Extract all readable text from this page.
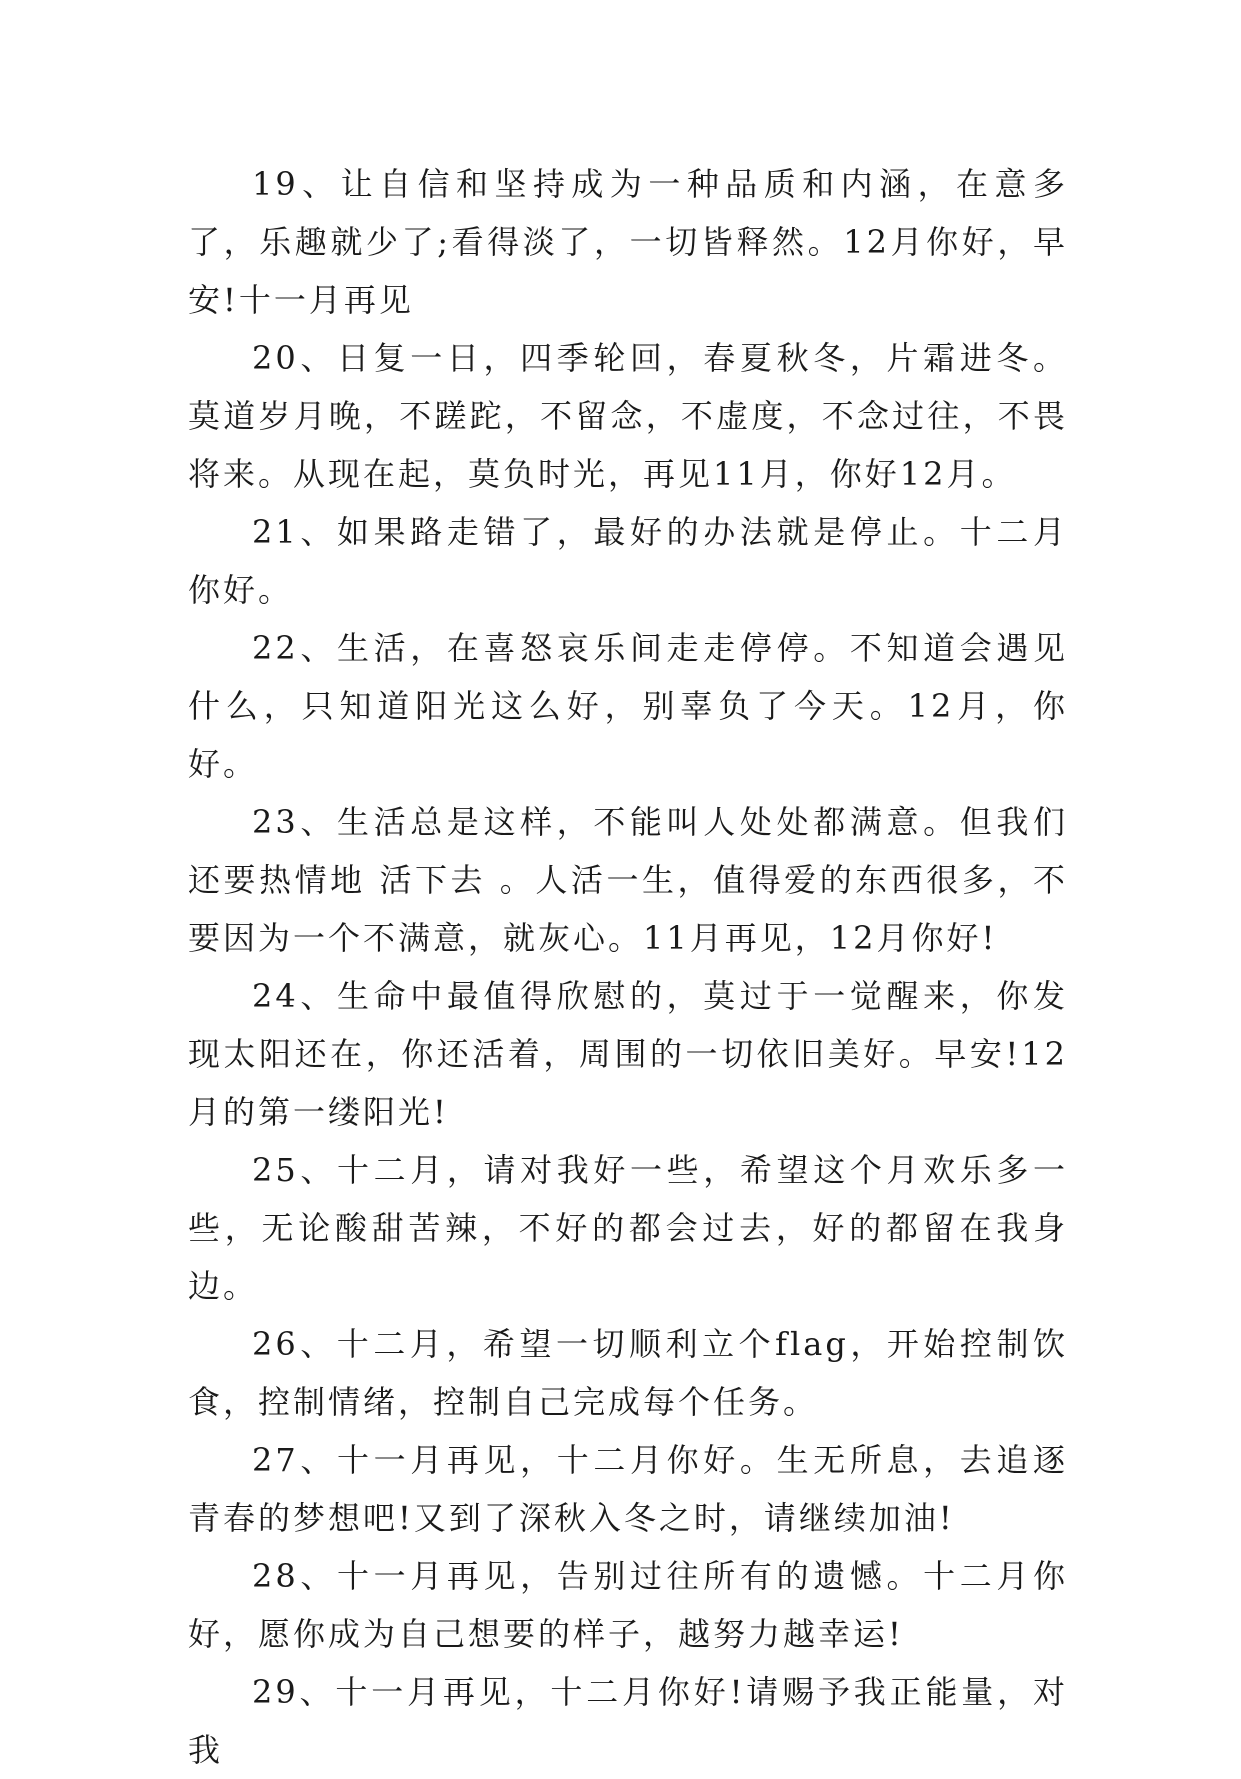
19、让自信和坚持成为一种品质和内涵，在意多了，乐趣就少了;看得淡了，一切皆释然。12月你好，早安!十一月再见

20、日复一日，四季轮回，春夏秋冬，片霜进冬。莫道岁月晚，不蹉跎，不留念，不虚度，不念过往，不畏将来。从现在起，莫负时光，再见11月，你好12月。

21、如果路走错了，最好的办法就是停止。十二月你好。

22、生活，在喜怒哀乐间走走停停。不知道会遇见什么，只知道阳光这么好，别辜负了今天。12月，你好。

23、生活总是这样，不能叫人处处都满意。但我们还要热情地 活下去 。人活一生，值得爱的东西很多，不要因为一个不满意，就灰心。11月再见，12月你好!

24、生命中最值得欣慰的，莫过于一觉醒来，你发现太阳还在，你还活着，周围的一切依旧美好。早安!12月的第一缕阳光!

25、十二月，请对我好一些，希望这个月欢乐多一些，无论酸甜苦辣，不好的都会过去，好的都留在我身边。

26、十二月，希望一切顺利立个flag，开始控制饮食，控制情绪，控制自己完成每个任务。

27、十一月再见，十二月你好。生无所息，去追逐青春的梦想吧!又到了深秋入冬之时，请继续加油!

28、十一月再见，告别过往所有的遗憾。十二月你好，愿你成为自己想要的样子，越努力越幸运!

29、十一月再见，十二月你好!请赐予我正能量，对我
